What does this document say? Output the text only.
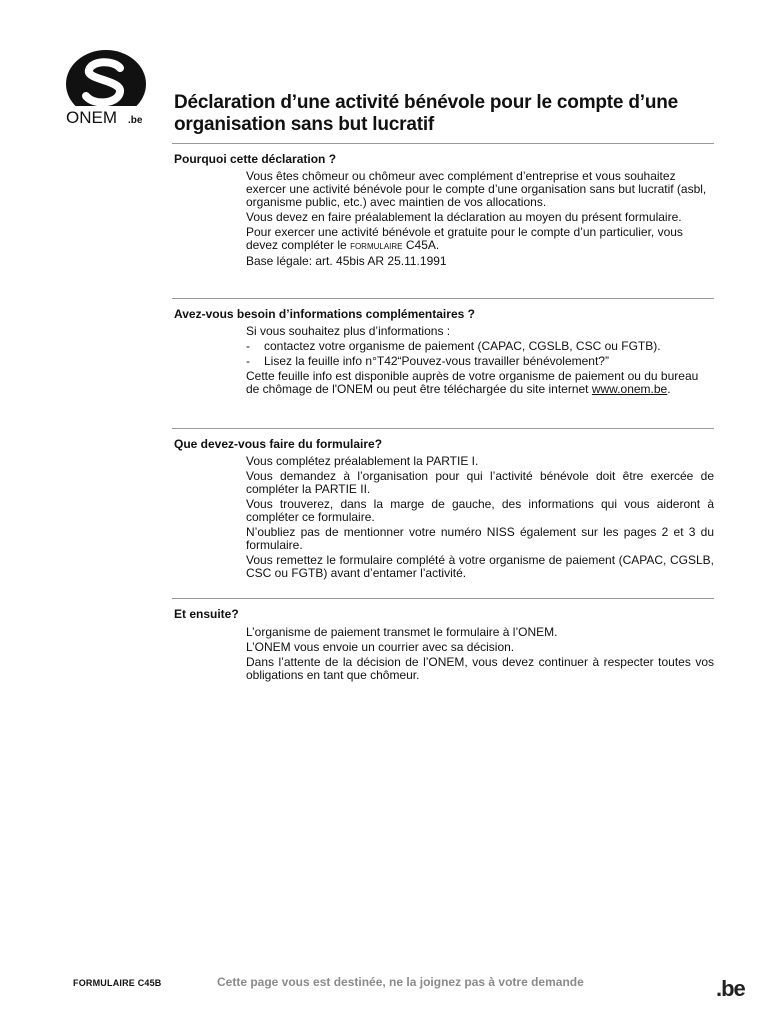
ONEM .be
Déclaration d’une activité bénévole pour le compte d’une
organisation sans but lucratif
Pourquoi cette déclaration ?

Vous êtes chômeur ou chômeur avec complément d’entreprise et vous souhaitez exercer une activité bénévole pour le compte d’une organisation sans but lucratif (asbl, organisme public, etc.) avec maintien de vos allocations.

Vous devez en faire préalablement la déclaration au moyen du présent formulaire.

Pour exercer une activité bénévole et gratuite pour le compte d’un particulier, vous devez compléter le formulaire C45A.

Base légale: art. 45bis AR 25.11.1991

Avez-vous besoin d’informations complémentaires ?

Si vous souhaitez plus d’informations :

-	contactez votre organisme de paiement (CAPAC, CGSLB, CSC ou FGTB).
-	Lisez la feuille info n°T42“Pouvez-vous travailler bénévolement?”

Cette feuille info est disponible auprès de votre organisme de paiement ou du bureau de chômage de l'ONEM ou peut être téléchargée du site internet www.onem.be.

Que devez-vous faire du formulaire?

Vous complétez préalablement la PARTIE I.

Vous demandez à l’organisation pour qui l’activité bénévole doit être exercée de compléter la PARTIE II.

Vous trouverez, dans la marge de gauche, des informations qui vous aideront à compléter ce formulaire.

N’oubliez pas de mentionner votre numéro NISS également sur les pages 2 et 3 du formulaire.

Vous remettez le formulaire complété à votre organisme de paiement (CAPAC, CGSLB, CSC ou FGTB) avant d’entamer l’activité.

Et ensuite?

L’organisme de paiement transmet le formulaire à l’ONEM.

L’ONEM vous envoie un courrier avec sa décision.

Dans l’attente de la décision de l’ONEM, vous devez continuer à respecter toutes vos obligations en tant que chômeur.

FORMULAIRE C45B	Cette page vous est destinée, ne la joignez pas à votre demande	.be
